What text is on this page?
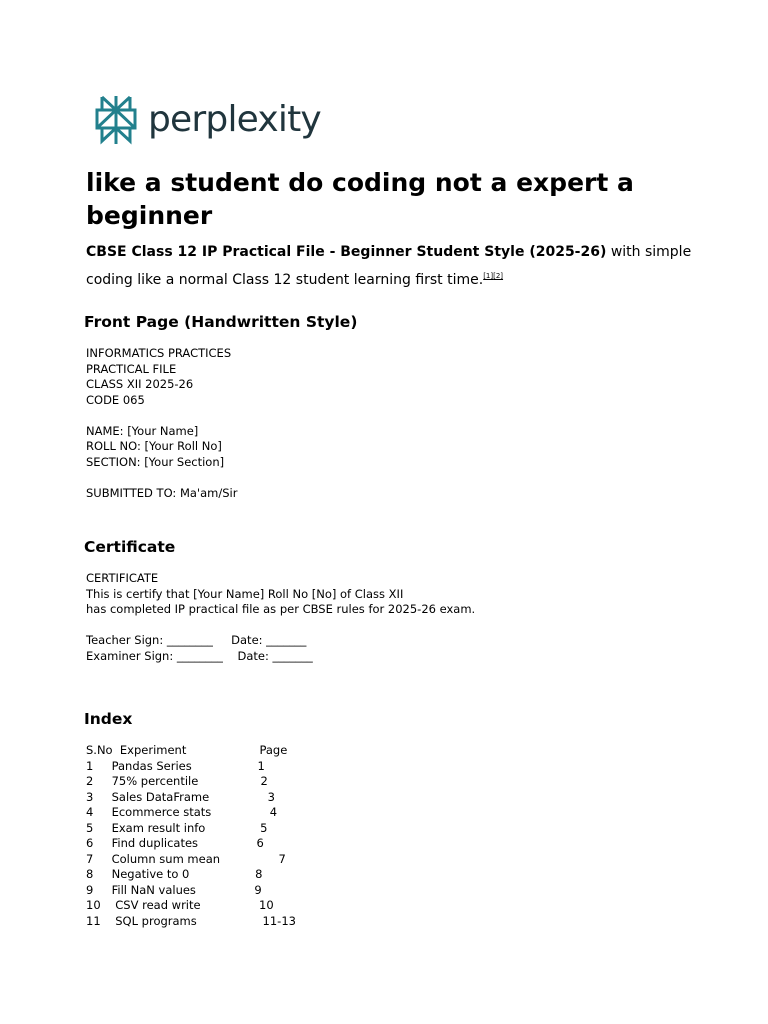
perplexity
like a student do coding not a expert a beginner

CBSE Class 12 IP Practical File - Beginner Student Style (2025-26) with simple coding like a normal Class 12 student learning first time.[1][2]

Front Page (Handwritten Style)
INFORMATICS PRACTICES
PRACTICAL FILE
CLASS XII 2025-26
CODE 065

NAME: [Your Name]
ROLL NO: [Your Roll No]
SECTION: [Your Section]

SUBMITTED TO: Ma'am/Sir
Certificate
CERTIFICATE
This is certify that [Your Name] Roll No [No] of Class XII
has completed IP practical file as per CBSE rules for 2025-26 exam.

Teacher Sign: ________     Date: _______
Examiner Sign: ________    Date: _______
Index
S.No  Experiment                    Page
1     Pandas Series                  1
2     75% percentile                 2
3     Sales DataFrame                3
4     Ecommerce stats                4
5     Exam result info               5
6     Find duplicates                6
7     Column sum mean                7
8     Negative to 0                  8
9     Fill NaN values                9
10    CSV read write                10
11    SQL programs                  11-13
